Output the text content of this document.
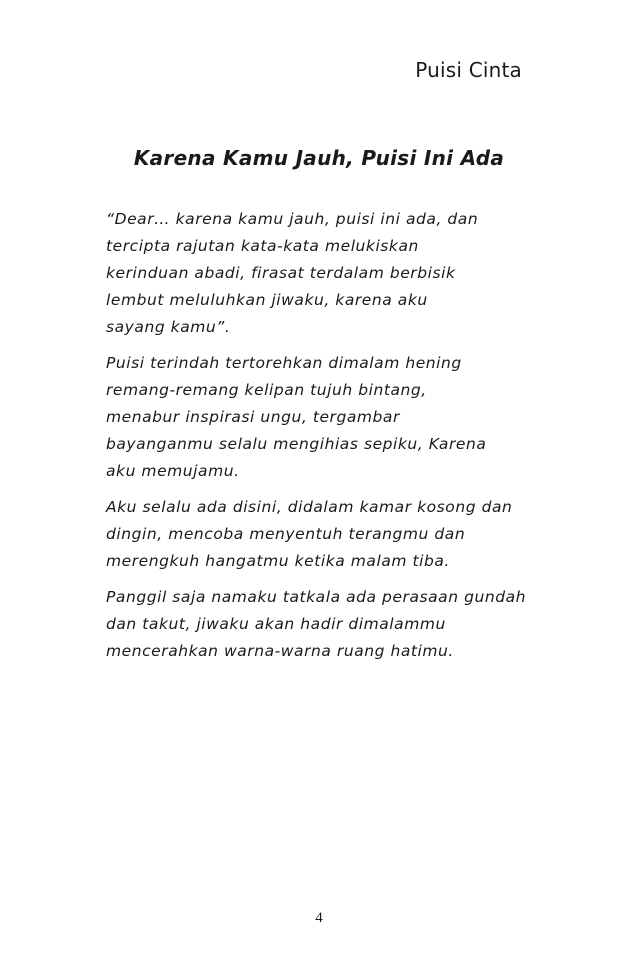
Puisi Cinta
Karena Kamu Jauh, Puisi Ini Ada

“Dear… karena kamu jauh, puisi ini ada, dan
tercipta rajutan kata-kata melukiskan
kerinduan abadi, firasat terdalam berbisik
lembut meluluhkan jiwaku, karena aku
sayang kamu”.

Puisi terindah tertorehkan dimalam hening
remang-remang kelipan tujuh bintang,
menabur inspirasi ungu, tergambar
bayanganmu selalu mengihias sepiku, Karena
aku memujamu.

Aku selalu ada disini, didalam kamar kosong dan
dingin, mencoba menyentuh terangmu dan
merengkuh hangatmu ketika malam tiba.

Panggil saja namaku tatkala ada perasaan gundah
dan takut, jiwaku akan hadir dimalammu
mencerahkan warna-warna ruang hatimu.

4
